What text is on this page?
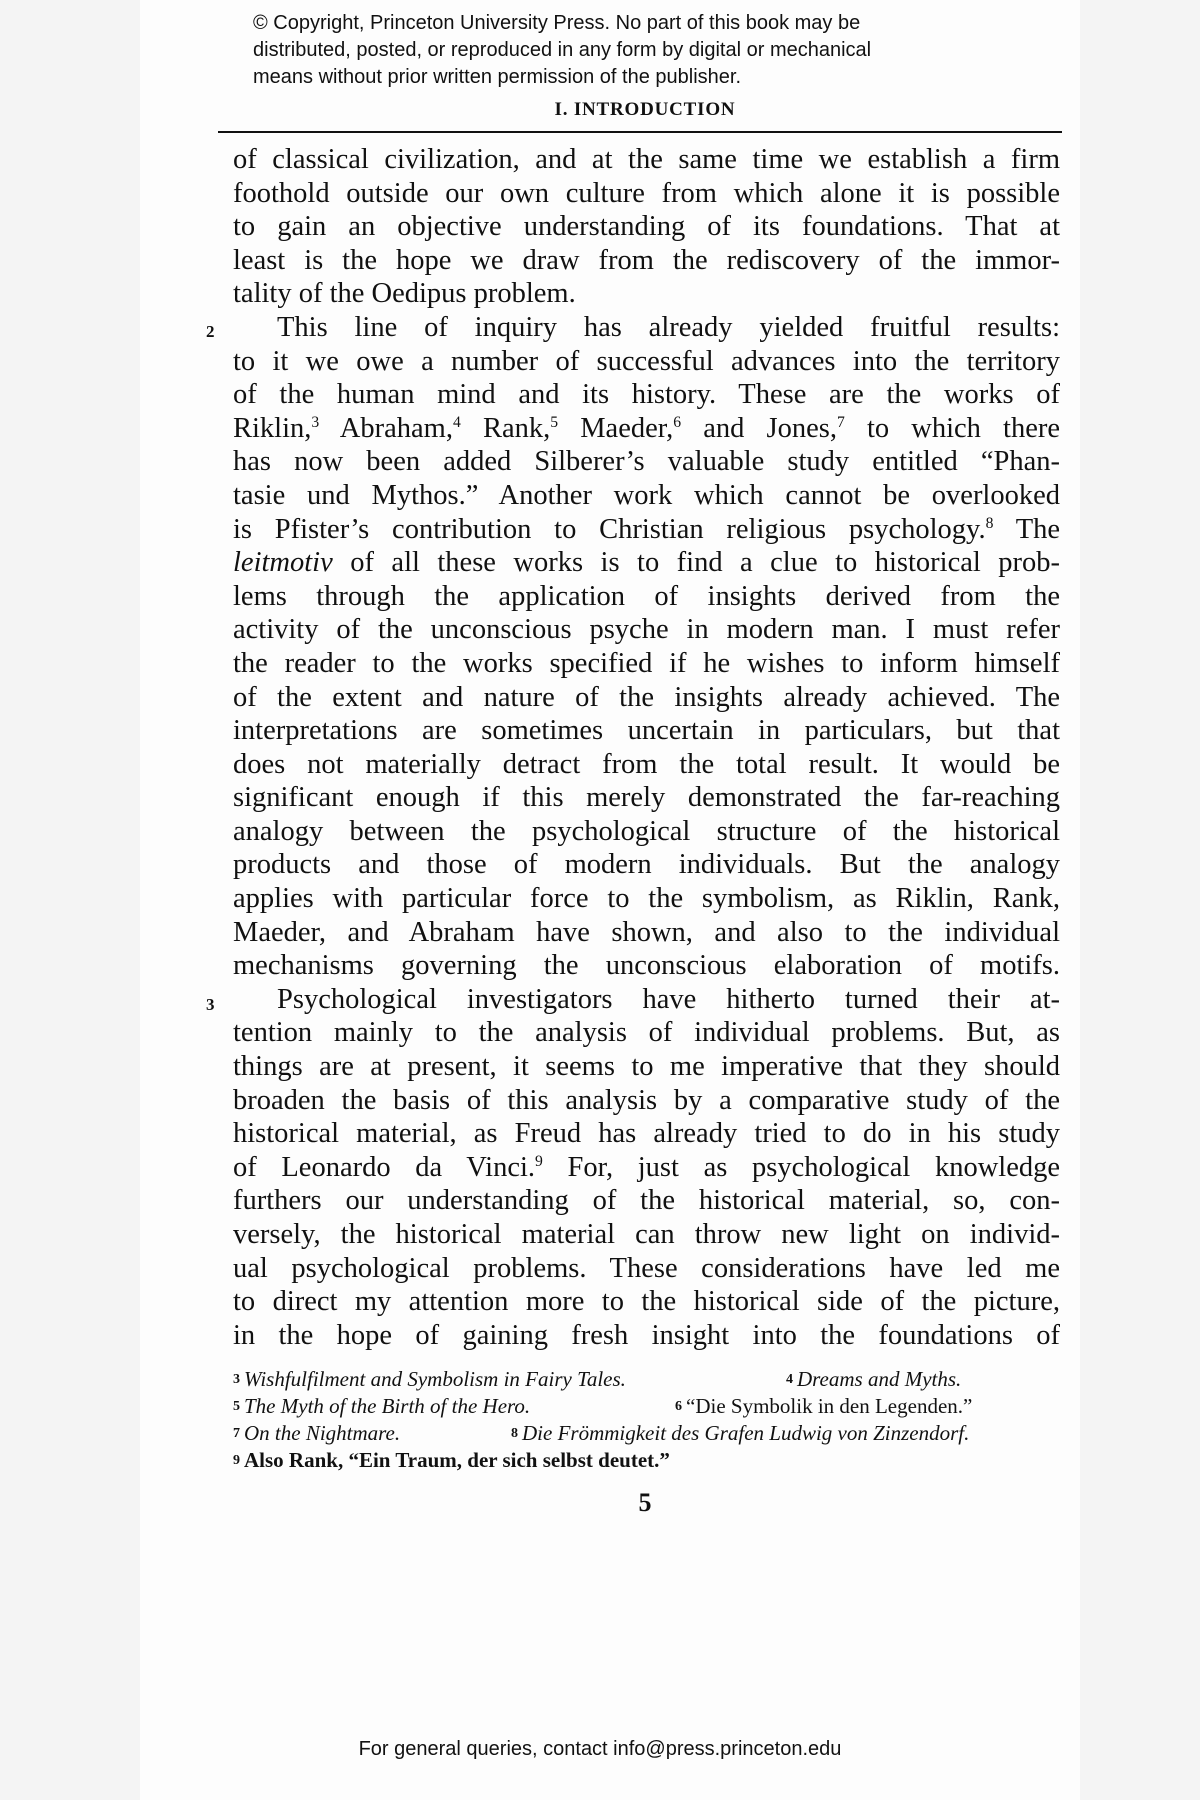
© Copyright, Princeton University Press. No part of this book may be
distributed, posted, or reproduced in any form by digital or mechanical
means without prior written permission of the publisher.
I. INTRODUCTION
2
3
of classical civilization, and at the same time we establish a firm
foothold outside our own culture from which alone it is possible
to gain an objective understanding of its foundations. That at
least is the hope we draw from the rediscovery of the immor-
tality of the Oedipus problem.
This line of inquiry has already yielded fruitful results:
to it we owe a number of successful advances into the territory
of the human mind and its history. These are the works of
Riklin,$^3$ Abraham,$^4$ Rank,$^5$ Maeder,$^6$ and Jones,$^7$ to which there
has now been added Silberer’s valuable study entitled “Phan-
tasie und Mythos.” Another work which cannot be overlooked
is Pfister’s contribution to Christian religious psychology.$^8$ The
leitmotiv of all these works is to find a clue to historical prob-
lems through the application of insights derived from the
activity of the unconscious psyche in modern man. I must refer
the reader to the works specified if he wishes to inform himself
of the extent and nature of the insights already achieved. The
interpretations are sometimes uncertain in particulars, but that
does not materially detract from the total result. It would be
significant enough if this merely demonstrated the far-reaching
analogy between the psychological structure of the historical
products and those of modern individuals. But the analogy
applies with particular force to the symbolism, as Riklin, Rank,
Maeder, and Abraham have shown, and also to the individual
mechanisms governing the unconscious elaboration of motifs.
Psychological investigators have hitherto turned their at-
tention mainly to the analysis of individual problems. But, as
things are at present, it seems to me imperative that they should
broaden the basis of this analysis by a comparative study of the
historical material, as Freud has already tried to do in his study
of Leonardo da Vinci.$^9$ For, just as psychological knowledge
furthers our understanding of the historical material, so, con-
versely, the historical material can throw new light on individ-
ual psychological problems. These considerations have led me
to direct my attention more to the historical side of the picture,
in the hope of gaining fresh insight into the foundations of
3 Wishfulfilment and Symbolism in Fairy Tales.	4 Dreams and Myths.
5 The Myth of the Birth of the Hero.	6 “Die Symbolik in den Legenden.”
7 On the Nightmare.	8 Die Frömmigkeit des Grafen Ludwig von Zinzendorf.
9 Also Rank, “Ein Traum, der sich selbst deutet.”
5
For general queries, contact info@press.princeton.edu
